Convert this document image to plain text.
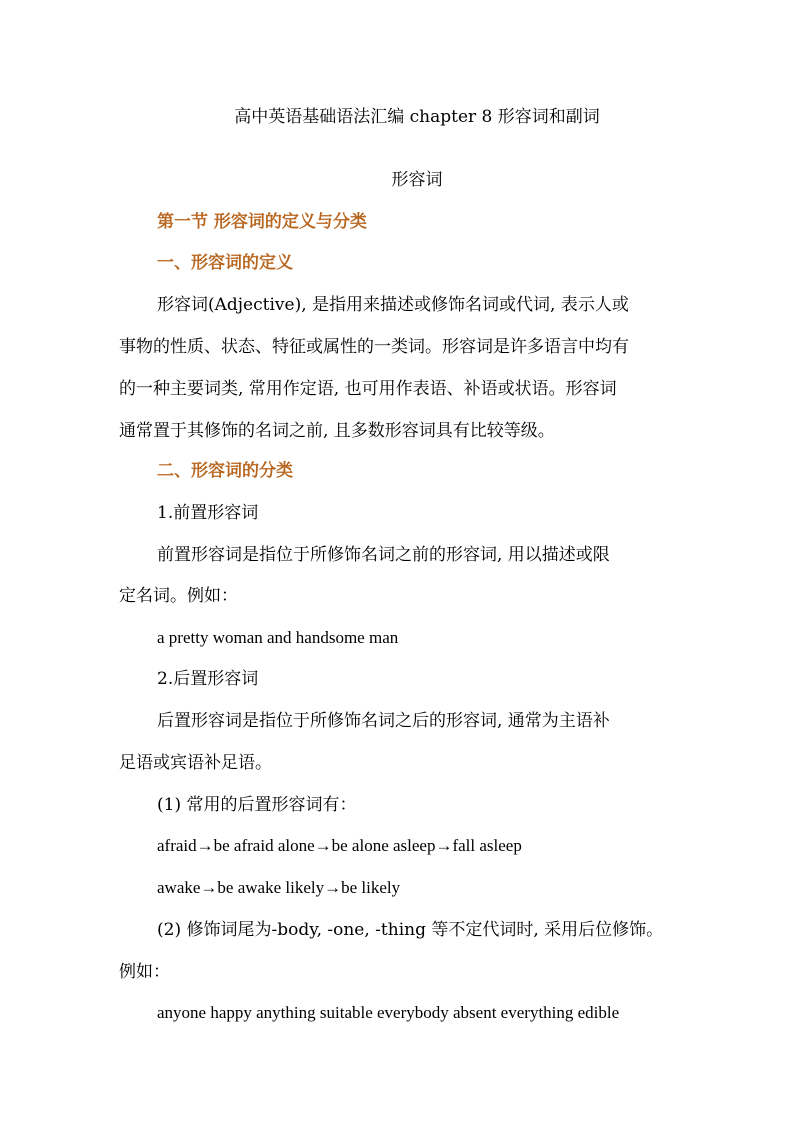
高中英语基础语法汇编 chapter 8 形容词和副词
形容词
第一节 形容词的定义与分类
一、形容词的定义
形容词(Adjective), 是指用来描述或修饰名词或代词, 表示人或
事物的性质、状态、特征或属性的一类词。形容词是许多语言中均有
的一种主要词类, 常用作定语, 也可用作表语、补语或状语。形容词
通常置于其修饰的名词之前, 且多数形容词具有比较等级。
二、形容词的分类
1.前置形容词
前置形容词是指位于所修饰名词之前的形容词, 用以描述或限
定名词。例如：
a pretty woman and handsome man
2.后置形容词
后置形容词是指位于所修饰名词之后的形容词, 通常为主语补
足语或宾语补足语。
(1) 常用的后置形容词有：
afraid→be afraid alone→be alone asleep→fall asleep
awake→be awake likely→be likely
(2) 修饰词尾为-body, -one, -thing 等不定代词时, 采用后位修饰。
例如：
anyone happy anything suitable everybody absent everything edible
